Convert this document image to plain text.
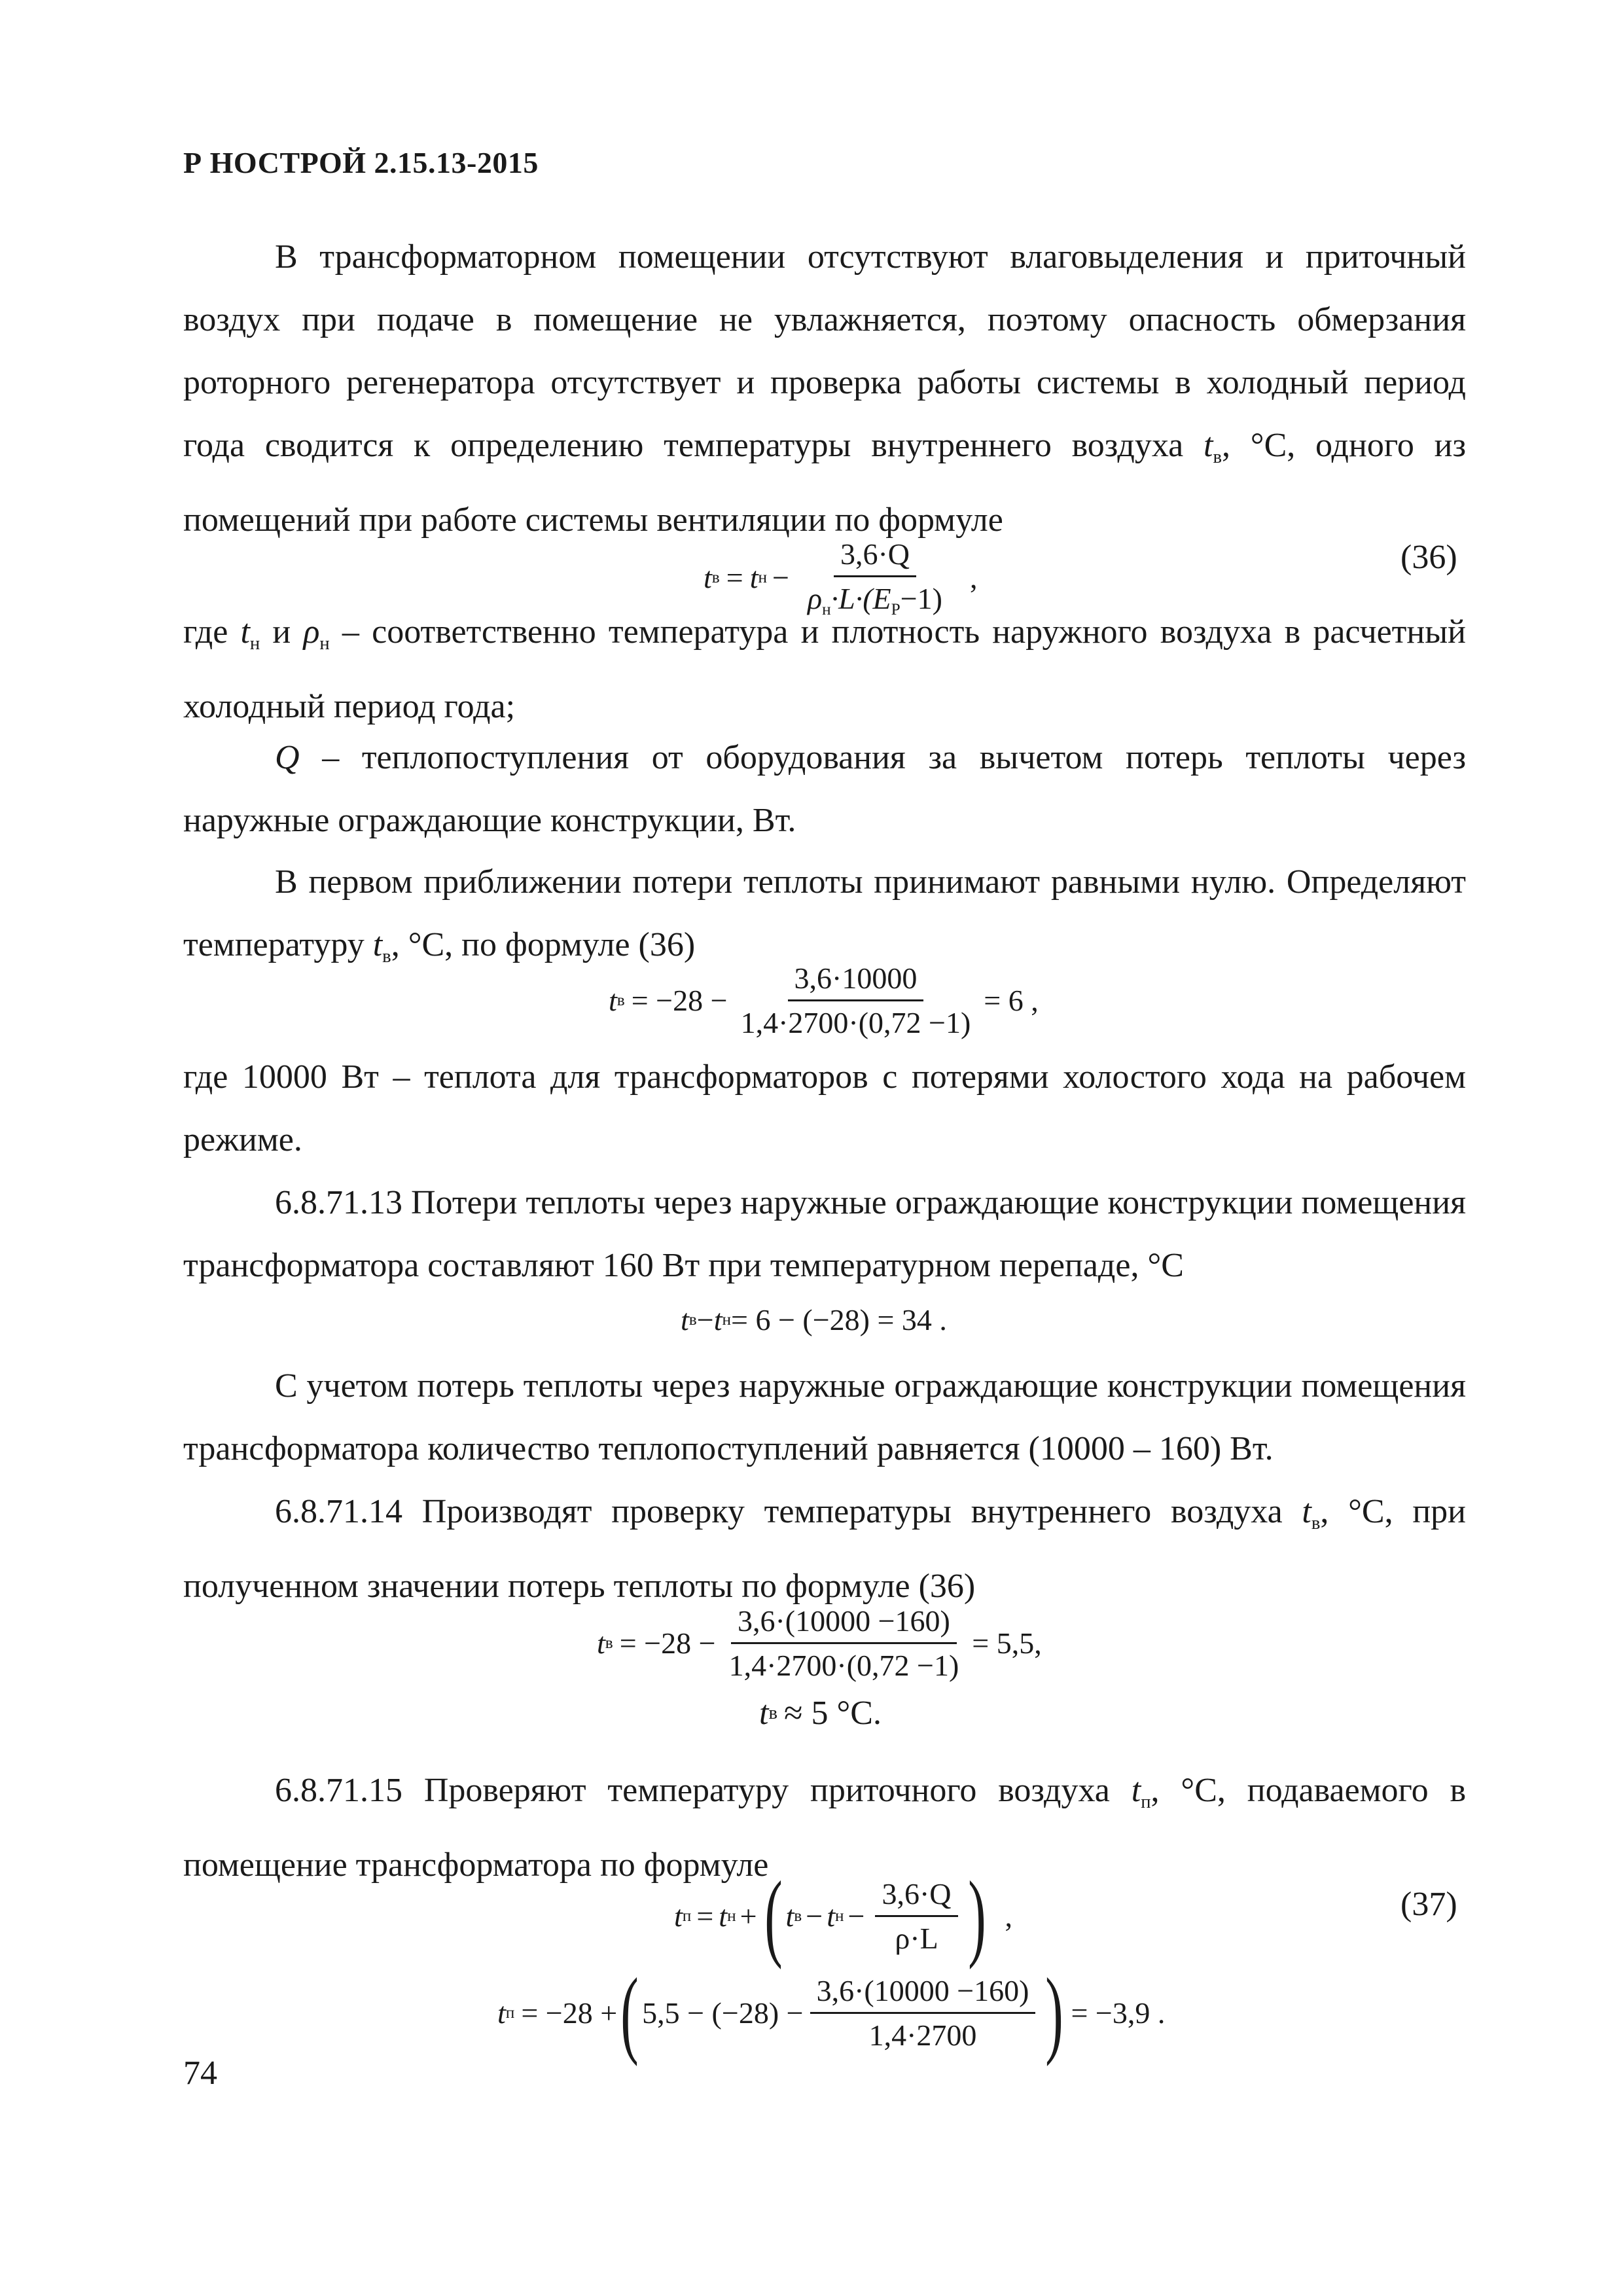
Р НОСТРОЙ 2.15.13-2015
В трансформаторном помещении отсутствуют влаговыделения и приточный воздух при подаче в помещение не увлажняется, поэтому опасность обмерзания роторного регенератора отсутствует и проверка работы системы в холодный период года сводится к определению температуры внутреннего воздуха $t_в$, °С, одного из помещений при работе системы вентиляции по формуле
t в = t $н - \frac{3,6\cdot Q}{\rho_н\cdot L\cdot(E_P-1)}$ ,
(36)
где $t_н$ и $\rho_н$ – соответственно температура и плотность наружного воздуха в расчетный холодный период года;
Q – теплопоступления от оборудования за вычетом потерь теплоты через наружные ограждающие конструкции, Вт.
В первом приближении потери теплоты принимают равными нулю. Определяют температуру $t_в$, °С, по формуле (36)
t $в = -28 - \frac{3,6\cdot 10000}{1,4\cdot 2700\cdot(0,72 -1)} = 6$ ,
где 10000 Вт – теплота для трансформаторов с потерями холостого хода на рабочем режиме.
6.8.71.13 Потери теплоты через наружные ограждающие конструкции помещения трансформатора составляют 160 Вт при температурном перепаде, °С
t в − t н = 6 − (−28) = 34 .
С учетом потерь теплоты через наружные ограждающие конструкции помещения трансформатора количество теплопоступлений равняется (10000 – 160) Вт.
6.8.71.14 Производят проверку температуры внутреннего воздуха $t_в$, °С, при полученном значении потерь теплоты по формуле (36)
t $в = -28 - \frac{3,6\cdot(10000 -160)}{1,4\cdot 2700\cdot(0,72 -1)} = 5,5$,
t в ≈ 5 °С.
6.8.71.15 Проверяют температуру приточного воздуха $t_п$, °С, подаваемого в помещение трансформатора по формуле
t п = t н + ( t в − t $н - \frac{3,6\cdot Q}{\rho\cdot L}$ ) ,	(37)
t п = −28 + ( $5,5 - (-28) - \frac{3,6\cdot(10000 -160)}{1,4\cdot 2700}$ ) = −3,9 .
74
